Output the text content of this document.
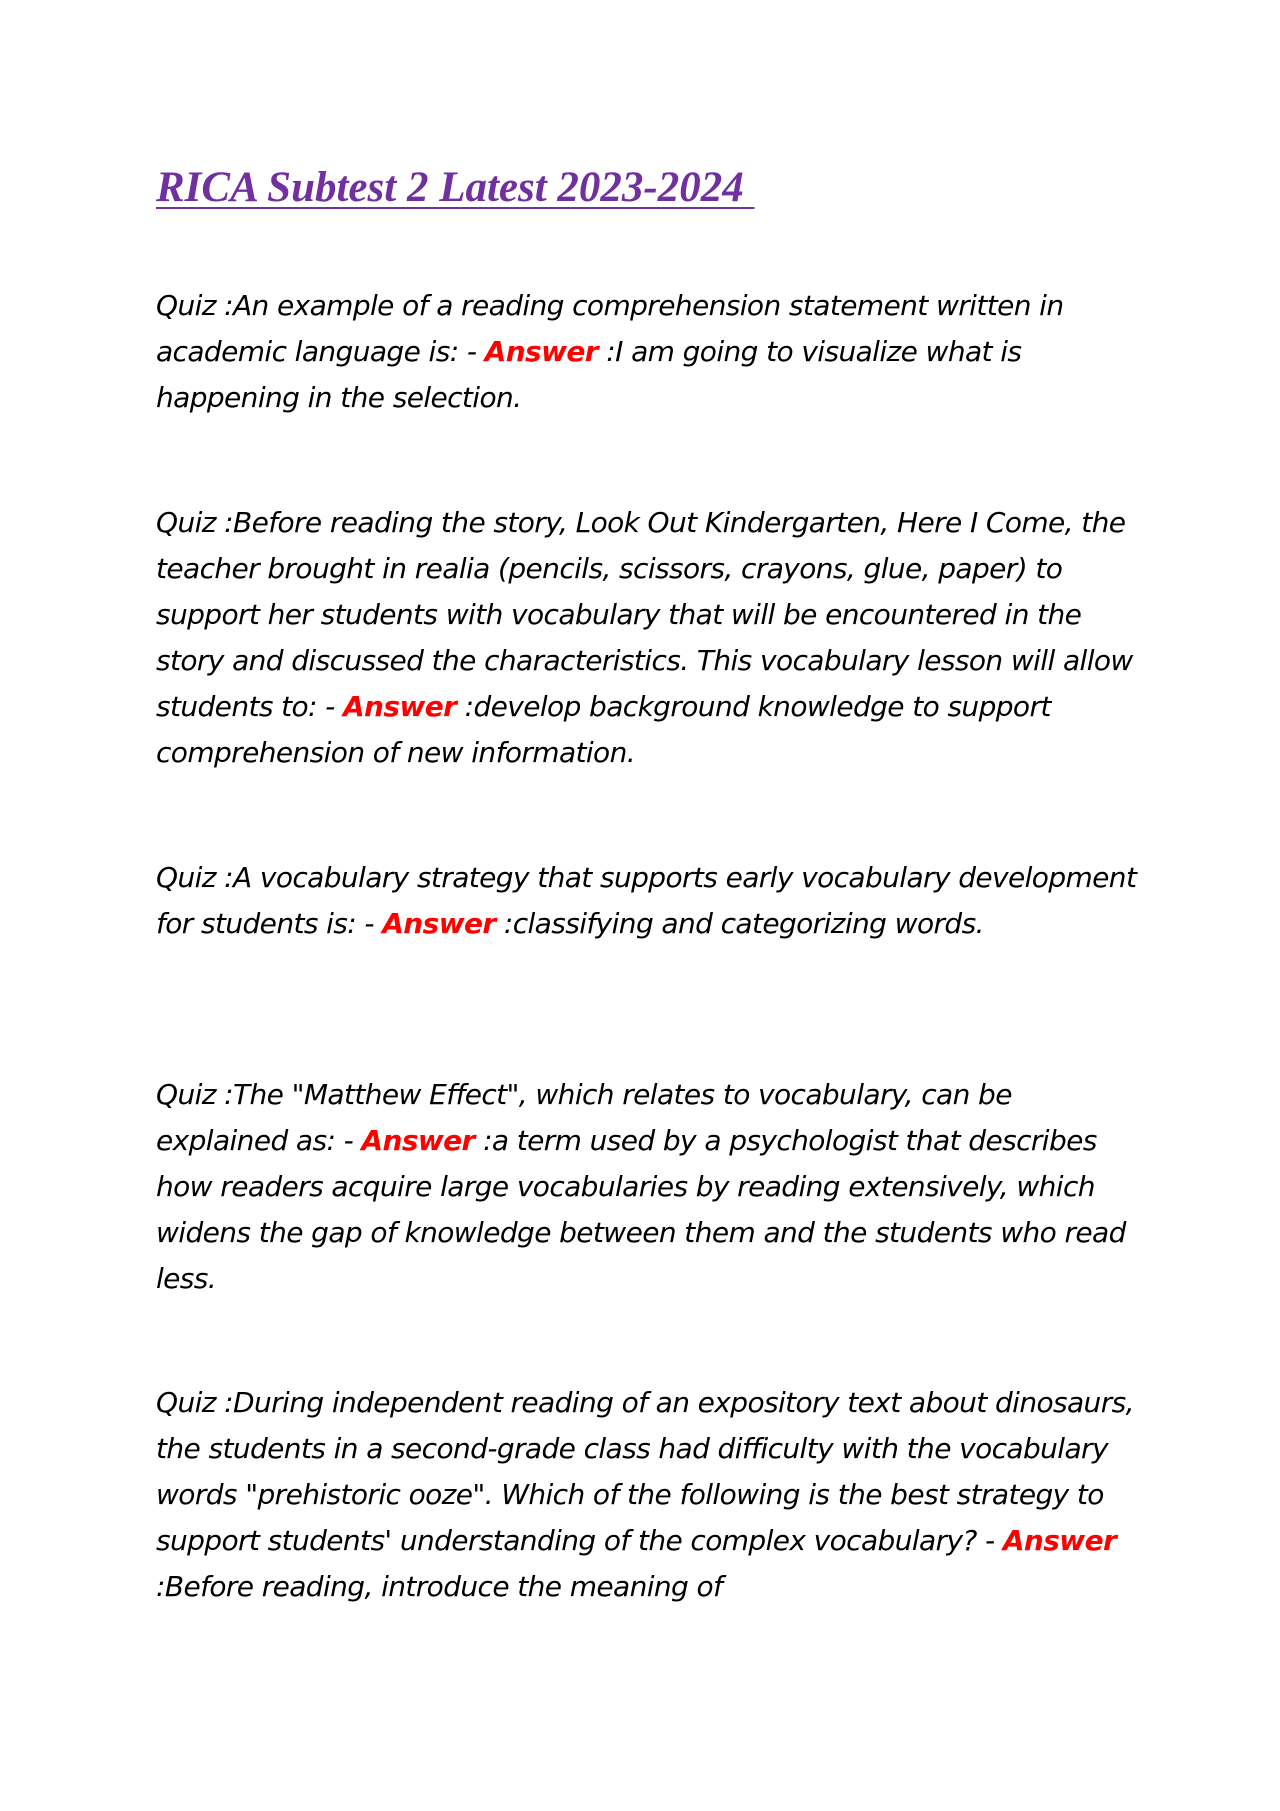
RICA Subtest 2 Latest 2023-2024

Quiz :An example of a reading comprehension statement written in academic language is: - Answer :I am going to visualize what is happening in the selection.

Quiz :Before reading the story, Look Out Kindergarten, Here I Come, the teacher brought in realia (pencils, scissors, crayons, glue, paper) to support her students with vocabulary that will be encountered in the story and discussed the characteristics. This vocabulary lesson will allow students to: - Answer :develop background knowledge to support comprehension of new information.

Quiz :A vocabulary strategy that supports early vocabulary development for students is: - Answer :classifying and categorizing words.

Quiz :The "Matthew Effect", which relates to vocabulary, can be explained as: - Answer :a term used by a psychologist that describes how readers acquire large vocabularies by reading extensively, which widens the gap of knowledge between them and the students who read less.

Quiz :During independent reading of an expository text about dinosaurs, the students in a second-grade class had difficulty with the vocabulary words "prehistoric ooze". Which of the following is the best strategy to support students' understanding of the complex vocabulary? - Answer :Before reading, introduce the meaning of
